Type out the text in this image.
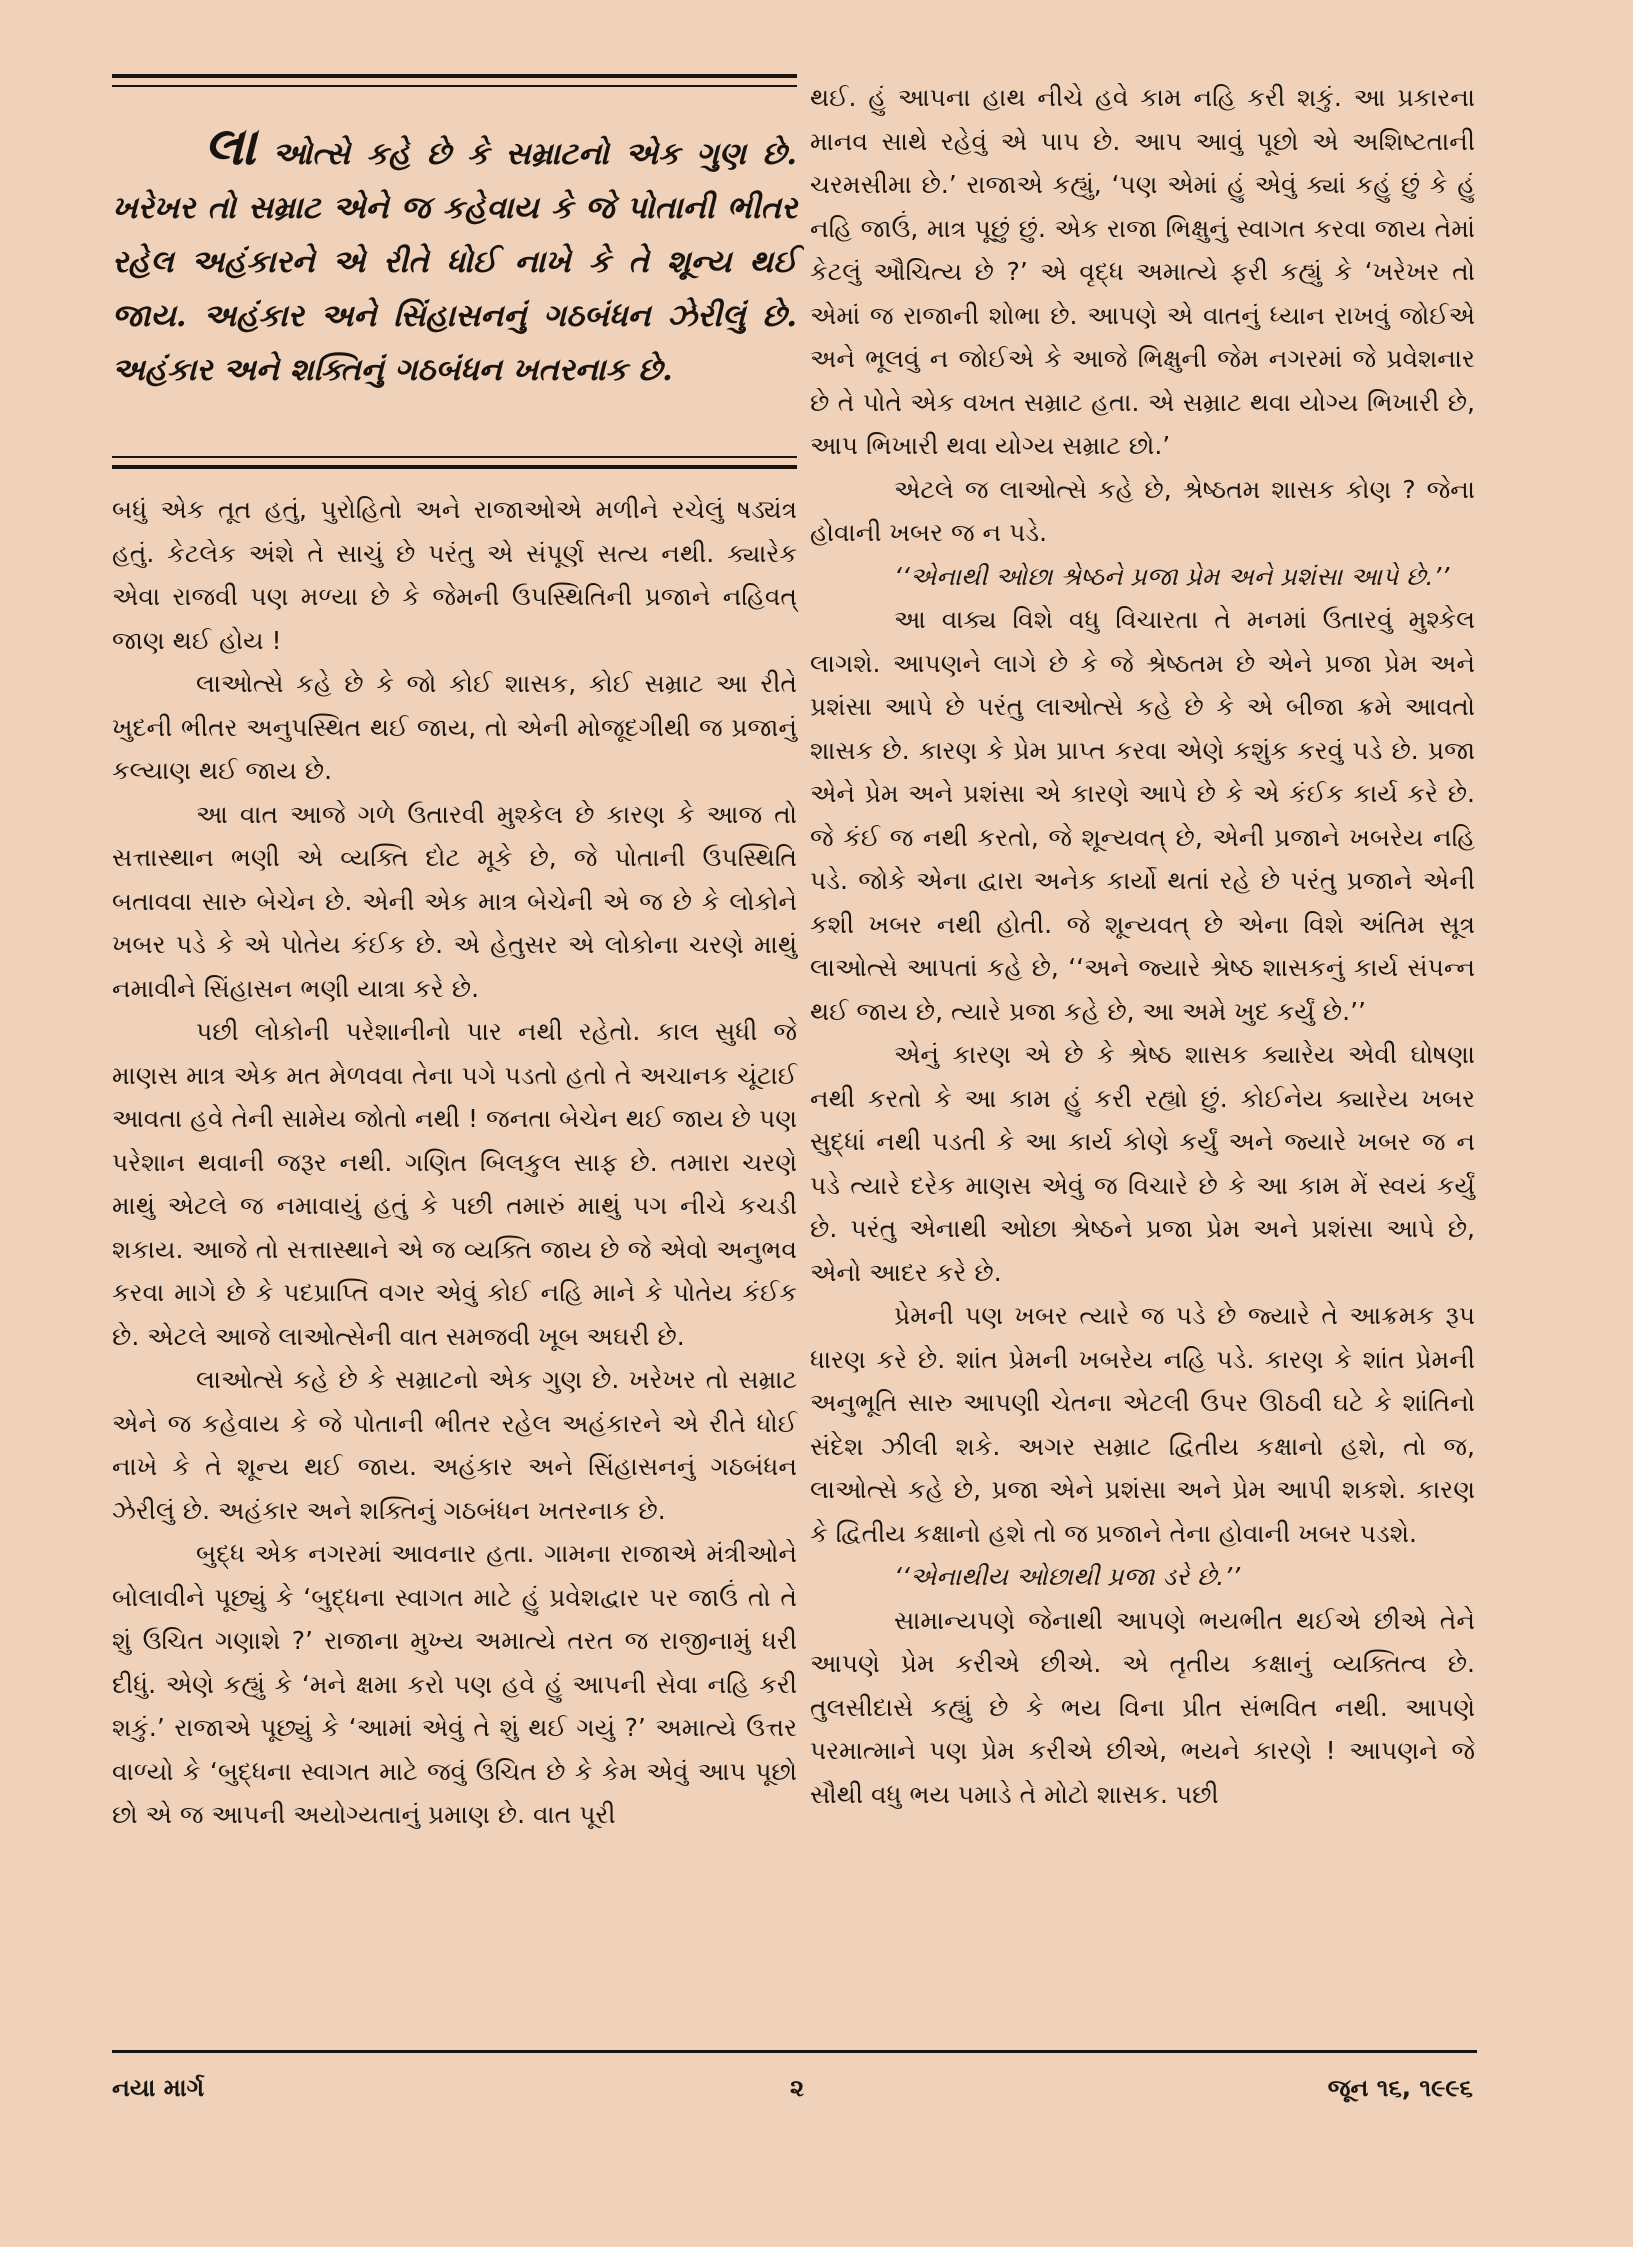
લા ઓત્સે કહે છે કે સમ્રાટનો એક ગુણ છે. ખરેખર તો સમ્રાટ એને જ કહેવાય કે જે પોતાની ભીતર રહેલ અહંકારને એ રીતે ધોઈ નાખે કે તે શૂન્ય થઈ જાય. અહંકાર અને સિંહાસનનું ગઠબંધન ઝેરીલું છે. અહંકાર અને શક્તિનું ગઠબંધન ખતરનાક છે.

બધું એક તૂત હતું, પુરોહિતો અને રાજાઓએ મળીને રચેલું ષડ્યંત્ર હતું. કેટલેક અંશે તે સાચું છે પરંતુ એ સંપૂર્ણ સત્ય નથી. ક્યારેક એવા રાજવી પણ મળ્યા છે કે જેમની ઉપસ્થિતિની પ્રજાને નહિવત્ જાણ થઈ હોય !

લાઓત્સે કહે છે કે જો કોઈ શાસક, કોઈ સમ્રાટ આ રીતે ખુદની ભીતર અનુપસ્થિત થઈ જાય, તો એની મોજૂદગીથી જ પ્રજાનું કલ્યાણ થઈ જાય છે.

આ વાત આજે ગળે ઉતારવી મુશ્કેલ છે કારણ કે આજ તો સત્તાસ્થાન ભણી એ વ્યક્તિ દોટ મૂકે છે, જે પોતાની ઉપસ્થિતિ બતાવવા સારુ બેચેન છે. એની એક માત્ર બેચેની એ જ છે કે લોકોને ખબર પડે કે એ પોતેય કંઈક છે. એ હેતુસર એ લોકોના ચરણે માથું નમાવીને સિંહાસન ભણી યાત્રા કરે છે.

પછી લોકોની પરેશાનીનો પાર નથી રહેતો. કાલ સુધી જે માણસ માત્ર એક મત મેળવવા તેના પગે પડતો હતો તે અચાનક ચૂંટાઈ આવતા હવે તેની સામેય જોતો નથી ! જનતા બેચેન થઈ જાય છે પણ પરેશાન થવાની જરૂર નથી. ગણિત બિલકુલ સાફ છે. તમારા ચરણે માથું એટલે જ નમાવાયું હતું કે પછી તમારું માથું પગ નીચે કચડી શકાય. આજે તો સત્તાસ્થાને એ જ વ્યક્તિ જાય છે જે એવો અનુભવ કરવા માગે છે કે પદપ્રાપ્તિ વગર એવું કોઈ નહિ માને કે પોતેય કંઈક છે. એટલે આજે લાઓત્સેની વાત સમજવી ખૂબ અઘરી છે.

લાઓત્સે કહે છે કે સમ્રાટનો એક ગુણ છે. ખરેખર તો સમ્રાટ એને જ કહેવાય કે જે પોતાની ભીતર રહેલ અહંકારને એ રીતે ધોઈ નાખે કે તે શૂન્ય થઈ જાય. અહંકાર અને સિંહાસનનું ગઠબંધન ઝેરીલું છે. અહંકાર અને શક્તિનું ગઠબંધન ખતરનાક છે.

બુદ્ધ એક નગરમાં આવનાર હતા. ગામના રાજાએ મંત્રીઓને બોલાવીને પૂછ્યું કે ‘બુદ્ધના સ્વાગત માટે હું પ્રવેશદ્વાર પર જાઉં તો તે શું ઉચિત ગણાશે ?’ રાજાના મુખ્ય અમાત્યે તરત જ રાજીનામું ધરી દીધું. એણે કહ્યું કે ‘મને ક્ષમા કરો પણ હવે હું આપની સેવા નહિ કરી શકું.’ રાજાએ પૂછ્યું કે ‘આમાં એવું તે શું થઈ ગયું ?’ અમાત્યે ઉત્તર વાળ્યો કે ‘બુદ્ધના સ્વાગત માટે જવું ઉચિત છે કે કેમ એવું આપ પૂછો છો એ જ આપની અયોગ્યતાનું પ્રમાણ છે. વાત પૂરી

થઈ. હું આપના હાથ નીચે હવે કામ નહિ કરી શકું. આ પ્રકારના માનવ સાથે રહેવું એ પાપ છે. આપ આવું પૂછો એ અશિષ્ટતાની ચરમસીમા છે.’ રાજાએ કહ્યું, ‘પણ એમાં હું એવું ક્યાં કહું છું કે હું નહિ જાઉં, માત્ર પૂછું છું. એક રાજા ભિક્ષુનું સ્વાગત કરવા જાય તેમાં કેટલું ઔચિત્ય છે ?’ એ વૃદ્ધ અમાત્યે ફરી કહ્યું કે ‘ખરેખર તો એમાં જ રાજાની શોભા છે. આપણે એ વાતનું ધ્યાન રાખવું જોઈએ અને ભૂલવું ન જોઈએ કે આજે ભિક્ષુની જેમ નગરમાં જે પ્રવેશનાર છે તે પોતે એક વખત સમ્રાટ હતા. એ સમ્રાટ થવા યોગ્ય ભિખારી છે, આપ ભિખારી થવા યોગ્ય સમ્રાટ છો.’

એટલે જ લાઓત્સે કહે છે, શ્રેષ્ઠતમ શાસક કોણ ? જેના હોવાની ખબર જ ન પડે.

‘‘એનાથી ઓછા શ્રેષ્ઠને પ્રજા પ્રેમ અને પ્રશંસા આપે છે.’’

આ વાક્ય વિશે વધુ વિચારતા તે મનમાં ઉતારવું મુશ્કેલ લાગશે. આપણને લાગે છે કે જે શ્રેષ્ઠતમ છે એને પ્રજા પ્રેમ અને પ્રશંસા આપે છે પરંતુ લાઓત્સે કહે છે કે એ બીજા ક્રમે આવતો શાસક છે. કારણ કે પ્રેમ પ્રાપ્ત કરવા એણે કશુંક કરવું પડે છે. પ્રજા એને પ્રેમ અને પ્રશંસા એ કારણે આપે છે કે એ કંઈક કાર્ય કરે છે. જે કંઈ જ નથી કરતો, જે શૂન્યવત્ છે, એની પ્રજાને ખબરેય નહિ પડે. જોકે એના દ્વારા અનેક કાર્યો થતાં રહે છે પરંતુ પ્રજાને એની કશી ખબર નથી હોતી. જે શૂન્યવત્ છે એના વિશે અંતિમ સૂત્ર લાઓત્સે આપતાં કહે છે, ‘‘અને જ્યારે શ્રેષ્ઠ શાસકનું કાર્ય સંપન્ન થઈ જાય છે, ત્યારે પ્રજા કહે છે, આ અમે ખુદ કર્યું છે.’’

એનું કારણ એ છે કે શ્રેષ્ઠ શાસક ક્યારેય એવી ઘોષણા નથી કરતો કે આ કામ હું કરી રહ્યો છું. કોઈનેય ક્યારેય ખબર સુદ્ધાં નથી પડતી કે આ કાર્ય કોણે કર્યું અને જ્યારે ખબર જ ન પડે ત્યારે દરેક માણસ એવું જ વિચારે છે કે આ કામ મેં સ્વયં કર્યું છે. પરંતુ એનાથી ઓછા શ્રેષ્ઠને પ્રજા પ્રેમ અને પ્રશંસા આપે છે, એનો આદર કરે છે.

પ્રેમની પણ ખબર ત્યારે જ પડે છે જ્યારે તે આક્રમક રૂપ ધારણ કરે છે. શાંત પ્રેમની ખબરેય નહિ પડે. કારણ કે શાંત પ્રેમની અનુભૂતિ સારુ આપણી ચેતના એટલી ઉપર ઊઠવી ઘટે કે શાંતિનો સંદેશ ઝીલી શકે. અગર સમ્રાટ દ્વિતીય કક્ષાનો હશે, તો જ, લાઓત્સે કહે છે, પ્રજા એને પ્રશંસા અને પ્રેમ આપી શકશે. કારણ કે દ્વિતીય કક્ષાનો હશે તો જ પ્રજાને તેના હોવાની ખબર પડશે.

‘‘એનાથીય ઓછાથી પ્રજા ડરે છે.’’

સામાન્યપણે જેનાથી આપણે ભયભીત થઈએ છીએ તેને આપણે પ્રેમ કરીએ છીએ. એ તૃતીય કક્ષાનું વ્યક્તિત્વ છે. તુલસીદાસે કહ્યું છે કે ભય વિના પ્રીત સંભવિત નથી. આપણે પરમાત્માને પણ પ્રેમ કરીએ છીએ, ભયને કારણે ! આપણને જે સૌથી વધુ ભય પમાડે તે મોટો શાસક. પછી

નયા માર્ગ	૨	જૂન ૧૬, ૧૯૯૬
